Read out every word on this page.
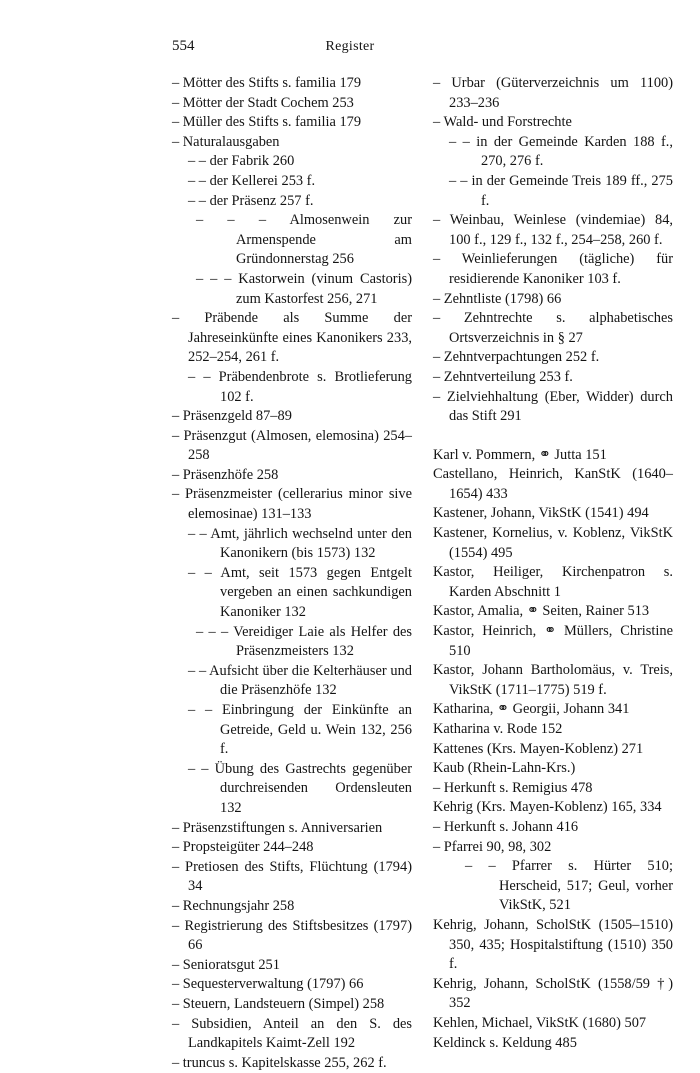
554	Register
– Mötter des Stifts s. familia 179
– Mötter der Stadt Cochem 253
– Müller des Stifts s. familia 179
– Naturalausgaben
– – der Fabrik 260
– – der Kellerei 253 f.
– – der Präsenz 257 f.
– – – Almosenwein zur Armenspende am Gründonnerstag 256
– – – Kastorwein (vinum Castoris) zum Kastorfest 256, 271
– Präbende als Summe der Jahreseinkünfte eines Kanonikers 233, 252–254, 261 f.
– – Präbendenbrote s. Brotlieferung 102 f.
– Präsenzgeld 87–89
– Präsenzgut (Almosen, elemosina) 254–258
– Präsenzhöfe 258
– Präsenzmeister (cellerarius minor sive elemosinae) 131–133
– – Amt, jährlich wechselnd unter den Kanonikern (bis 1573) 132
– – Amt, seit 1573 gegen Entgelt vergeben an einen sachkundigen Kanoniker 132
– – – Vereidiger Laie als Helfer des Präsenzmeisters 132
– – Aufsicht über die Kelterhäuser und die Präsenzhöfe 132
– – Einbringung der Einkünfte an Getreide, Geld u. Wein 132, 256 f.
– – Übung des Gastrechts gegenüber durchreisenden Ordensleuten 132
– Präsenzstiftungen s. Anniversarien
– Propsteigüter 244–248
– Pretiosen des Stifts, Flüchtung (1794) 34
– Rechnungsjahr 258
– Registrierung des Stiftsbesitzes (1797) 66
– Senioratsgut 251
– Sequesterverwaltung (1797) 66
– Steuern, Landsteuern (Simpel) 258
– Subsidien, Anteil an den S. des Landkapitels Kaimt-Zell 192
– truncus s. Kapitelskasse 255, 262 f.
– Urbar (Güterverzeichnis um 1100) 233–236
– Wald- und Forstrechte
– – in der Gemeinde Karden 188 f., 270, 276 f.
– – in der Gemeinde Treis 189 ff., 275 f.
– Weinbau, Weinlese (vindemiae) 84, 100 f., 129 f., 132 f., 254–258, 260 f.
– Weinlieferungen (tägliche) für residierende Kanoniker 103 f.
– Zehntliste (1798) 66
– Zehntrechte s. alphabetisches Ortsverzeichnis in § 27
– Zehntverpachtungen 252 f.
– Zehntverteilung 253 f.
– Zielviehhaltung (Eber, Widder) durch das Stift 291
Karl v. Pommern, ⚭ Jutta 151
Castellano, Heinrich, KanStK (1640–1654) 433
Kastener, Johann, VikStK (1541) 494
Kastener, Kornelius, v. Koblenz, VikStK (1554) 495
Kastor, Heiliger, Kirchenpatron s. Karden Abschnitt 1
Kastor, Amalia, ⚭ Seiten, Rainer 513
Kastor, Heinrich, ⚭ Müllers, Christine 510
Kastor, Johann Bartholomäus, v. Treis, VikStK (1711–1775) 519 f.
Katharina, ⚭ Georgii, Johann 341
Katharina v. Rode 152
Kattenes (Krs. Mayen-Koblenz) 271
Kaub (Rhein-Lahn-Krs.)
– Herkunft s. Remigius 478
Kehrig (Krs. Mayen-Koblenz) 165, 334
– Herkunft s. Johann 416
– Pfarrei 90, 98, 302
– – Pfarrer s. Hürter 510; Herscheid, 517; Geul, vorher VikStK, 521
Kehrig, Johann, ScholStK (1505–1510) 350, 435; Hospitalstiftung (1510) 350 f.
Kehrig, Johann, ScholStK (1558/59 †) 352
Kehlen, Michael, VikStK (1680) 507
Keldinck s. Keldung 485
